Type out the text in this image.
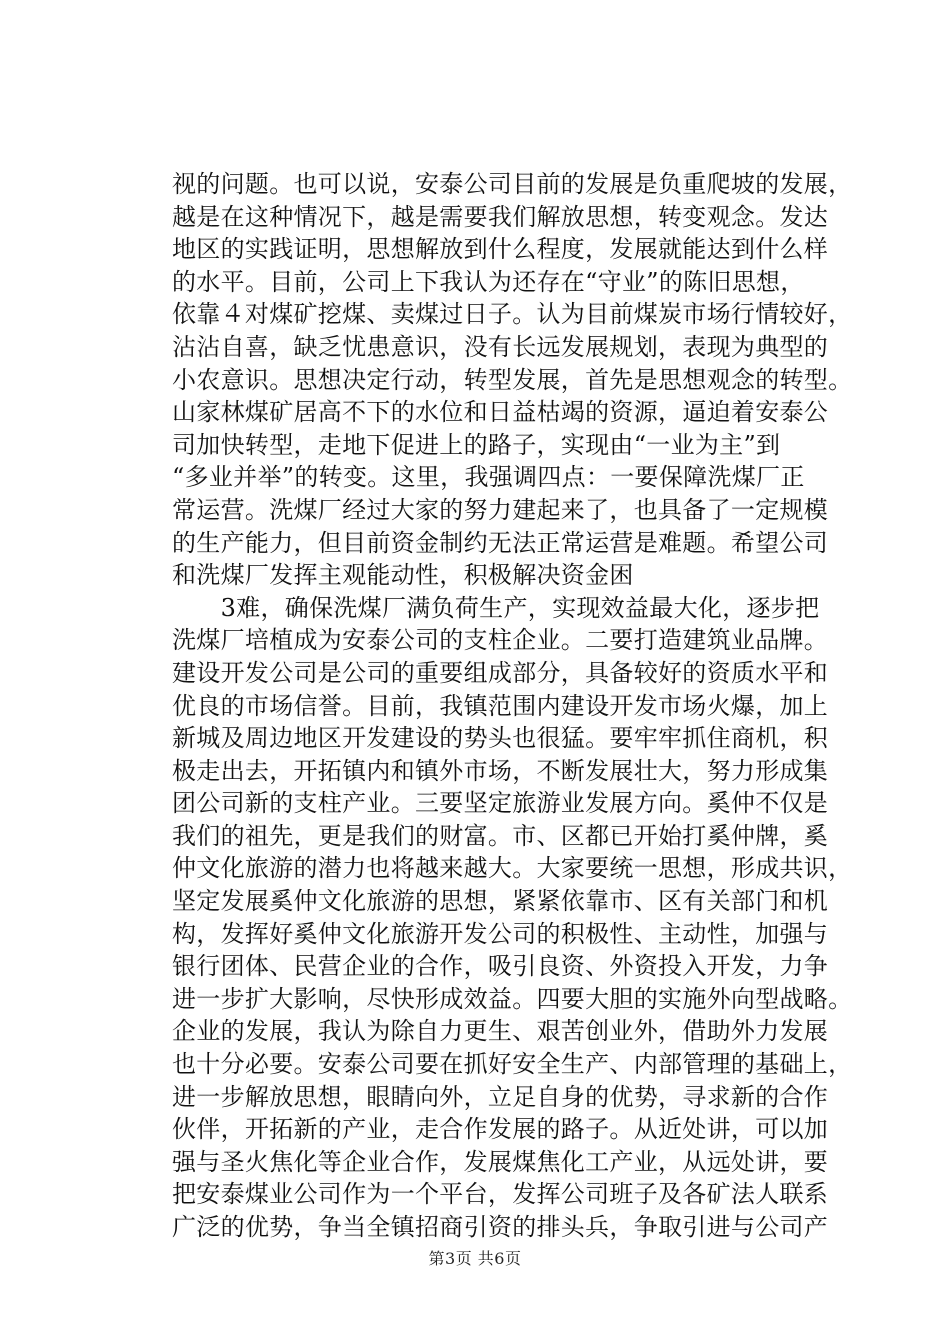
视的问题。也可以说，安泰公司目前的发展是负重爬坡的发展，
越是在这种情况下，越是需要我们解放思想，转变观念。发达
地区的实践证明，思想解放到什么程度，发展就能达到什么样
的水平。目前，公司上下我认为还存在“守业”的陈旧思想，
依靠４对煤矿挖煤、卖煤过日子。认为目前煤炭市场行情较好，
沾沾自喜，缺乏忧患意识，没有长远发展规划，表现为典型的
小农意识。思想决定行动，转型发展，首先是思想观念的转型。
山家林煤矿居高不下的水位和日益枯竭的资源，逼迫着安泰公
司加快转型，走地下促进上的路子，实现由“一业为主”到
“多业并举”的转变。这里，我强调四点：一要保障洗煤厂正
常运营。洗煤厂经过大家的努力建起来了，也具备了一定规模
的生产能力，但目前资金制约无法正常运营是难题。希望公司
和洗煤厂发挥主观能动性，积极解决资金困
　　3难，确保洗煤厂满负荷生产，实现效益最大化，逐步把
洗煤厂培植成为安泰公司的支柱企业。二要打造建筑业品牌。
建设开发公司是公司的重要组成部分，具备较好的资质水平和
优良的市场信誉。目前，我镇范围内建设开发市场火爆，加上
新城及周边地区开发建设的势头也很猛。要牢牢抓住商机，积
极走出去，开拓镇内和镇外市场，不断发展壮大，努力形成集
团公司新的支柱产业。三要坚定旅游业发展方向。奚仲不仅是
我们的祖先，更是我们的财富。市、区都已开始打奚仲牌，奚
仲文化旅游的潜力也将越来越大。大家要统一思想，形成共识，
坚定发展奚仲文化旅游的思想，紧紧依靠市、区有关部门和机
构，发挥好奚仲文化旅游开发公司的积极性、主动性，加强与
银行团体、民营企业的合作，吸引良资、外资投入开发，力争
进一步扩大影响，尽快形成效益。四要大胆的实施外向型战略。
企业的发展，我认为除自力更生、艰苦创业外，借助外力发展
也十分必要。安泰公司要在抓好安全生产、内部管理的基础上，
进一步解放思想，眼睛向外，立足自身的优势，寻求新的合作
伙伴，开拓新的产业，走合作发展的路子。从近处讲，可以加
强与圣火焦化等企业合作，发展煤焦化工产业，从远处讲，要
把安泰煤业公司作为一个平台，发挥公司班子及各矿法人联系
广泛的优势，争当全镇招商引资的排头兵，争取引进与公司产
第3页 共6页
